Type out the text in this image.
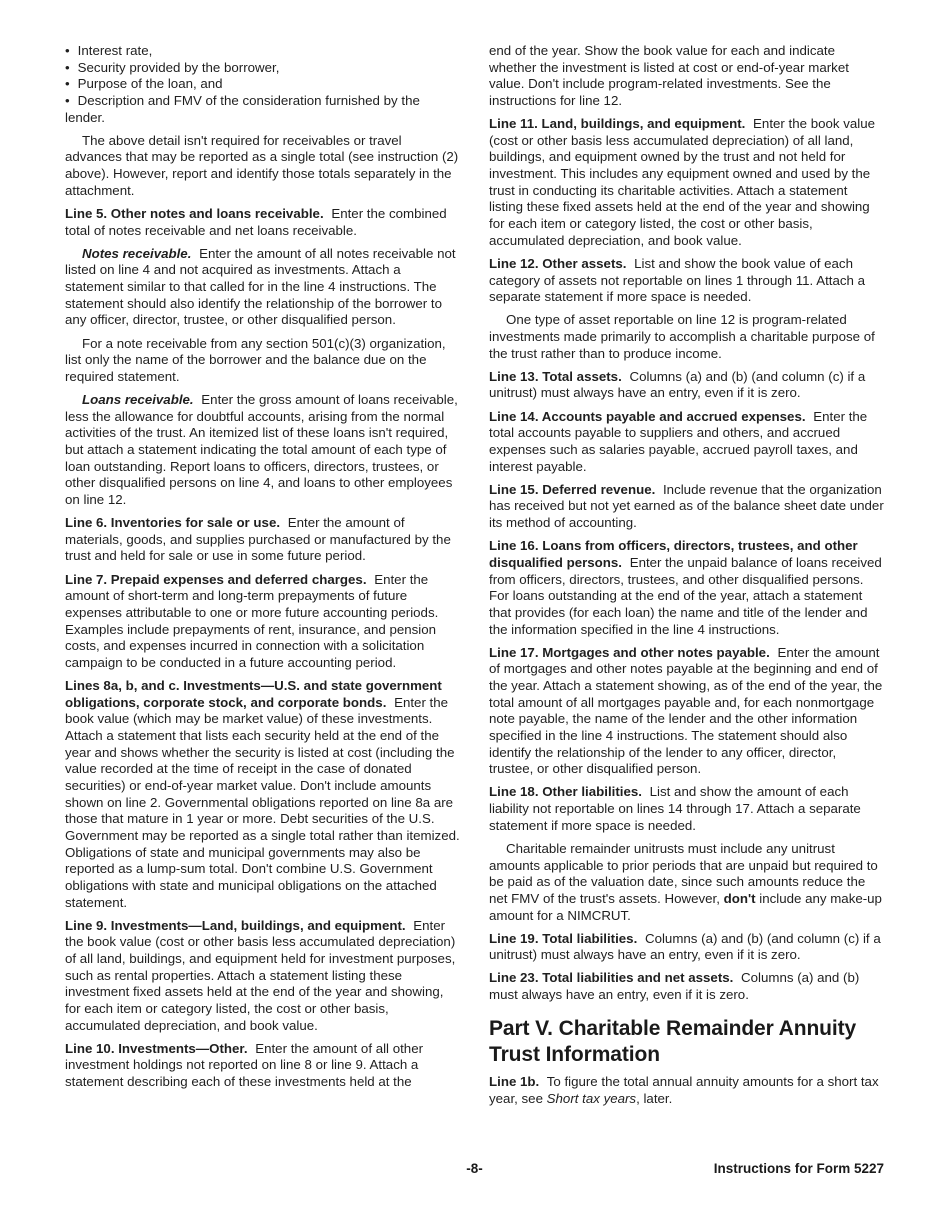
• Interest rate,

• Security provided by the borrower,

• Purpose of the loan, and

• Description and FMV of the consideration furnished by the lender.

The above detail isn't required for receivables or travel advances that may be reported as a single total (see instruction (2) above). However, report and identify those totals separately in the attachment.

Line 5. Other notes and loans receivable. Enter the combined total of notes receivable and net loans receivable.

Notes receivable. Enter the amount of all notes receivable not listed on line 4 and not acquired as investments. Attach a statement similar to that called for in the line 4 instructions. The statement should also identify the relationship of the borrower to any officer, director, trustee, or other disqualified person.

For a note receivable from any section 501(c)(3) organization, list only the name of the borrower and the balance due on the required statement.

Loans receivable. Enter the gross amount of loans receivable, less the allowance for doubtful accounts, arising from the normal activities of the trust. An itemized list of these loans isn't required, but attach a statement indicating the total amount of each type of loan outstanding. Report loans to officers, directors, trustees, or other disqualified persons on line 4, and loans to other employees on line 12.

Line 6. Inventories for sale or use. Enter the amount of materials, goods, and supplies purchased or manufactured by the trust and held for sale or use in some future period.

Line 7. Prepaid expenses and deferred charges. Enter the amount of short-term and long-term prepayments of future expenses attributable to one or more future accounting periods. Examples include prepayments of rent, insurance, and pension costs, and expenses incurred in connection with a solicitation campaign to be conducted in a future accounting period.

Lines 8a, b, and c. Investments—U.S. and state government obligations, corporate stock, and corporate bonds. Enter the book value (which may be market value) of these investments. Attach a statement that lists each security held at the end of the year and shows whether the security is listed at cost (including the value recorded at the time of receipt in the case of donated securities) or end-of-year market value. Don't include amounts shown on line 2. Governmental obligations reported on line 8a are those that mature in 1 year or more. Debt securities of the U.S. Government may be reported as a single total rather than itemized. Obligations of state and municipal governments may also be reported as a lump-sum total. Don't combine U.S. Government obligations with state and municipal obligations on the attached statement.

Line 9. Investments—Land, buildings, and equipment. Enter the book value (cost or other basis less accumulated depreciation) of all land, buildings, and equipment held for investment purposes, such as rental properties. Attach a statement listing these investment fixed assets held at the end of the year and showing, for each item or category listed, the cost or other basis, accumulated depreciation, and book value.

Line 10. Investments—Other. Enter the amount of all other investment holdings not reported on line 8 or line 9. Attach a statement describing each of these investments held at the

end of the year. Show the book value for each and indicate whether the investment is listed at cost or end-of-year market value. Don't include program-related investments. See the instructions for line 12.

Line 11. Land, buildings, and equipment. Enter the book value (cost or other basis less accumulated depreciation) of all land, buildings, and equipment owned by the trust and not held for investment. This includes any equipment owned and used by the trust in conducting its charitable activities. Attach a statement listing these fixed assets held at the end of the year and showing for each item or category listed, the cost or other basis, accumulated depreciation, and book value.

Line 12. Other assets. List and show the book value of each category of assets not reportable on lines 1 through 11. Attach a separate statement if more space is needed.

One type of asset reportable on line 12 is program-related investments made primarily to accomplish a charitable purpose of the trust rather than to produce income.

Line 13. Total assets. Columns (a) and (b) (and column (c) if a unitrust) must always have an entry, even if it is zero.

Line 14. Accounts payable and accrued expenses. Enter the total accounts payable to suppliers and others, and accrued expenses such as salaries payable, accrued payroll taxes, and interest payable.

Line 15. Deferred revenue. Include revenue that the organization has received but not yet earned as of the balance sheet date under its method of accounting.

Line 16. Loans from officers, directors, trustees, and other disqualified persons. Enter the unpaid balance of loans received from officers, directors, trustees, and other disqualified persons. For loans outstanding at the end of the year, attach a statement that provides (for each loan) the name and title of the lender and the information specified in the line 4 instructions.

Line 17. Mortgages and other notes payable. Enter the amount of mortgages and other notes payable at the beginning and end of the year. Attach a statement showing, as of the end of the year, the total amount of all mortgages payable and, for each nonmortgage note payable, the name of the lender and the other information specified in the line 4 instructions. The statement should also identify the relationship of the lender to any officer, director, trustee, or other disqualified person.

Line 18. Other liabilities. List and show the amount of each liability not reportable on lines 14 through 17. Attach a separate statement if more space is needed.

Charitable remainder unitrusts must include any unitrust amounts applicable to prior periods that are unpaid but required to be paid as of the valuation date, since such amounts reduce the net FMV of the trust's assets. However, don't include any make-up amount for a NIMCRUT.

Line 19. Total liabilities. Columns (a) and (b) (and column (c) if a unitrust) must always have an entry, even if it is zero.

Line 23. Total liabilities and net assets. Columns (a) and (b) must always have an entry, even if it is zero.

Part V. Charitable Remainder Annuity Trust Information

Line 1b. To figure the total annual annuity amounts for a short tax year, see Short tax years, later.

-8-	Instructions for Form 5227
